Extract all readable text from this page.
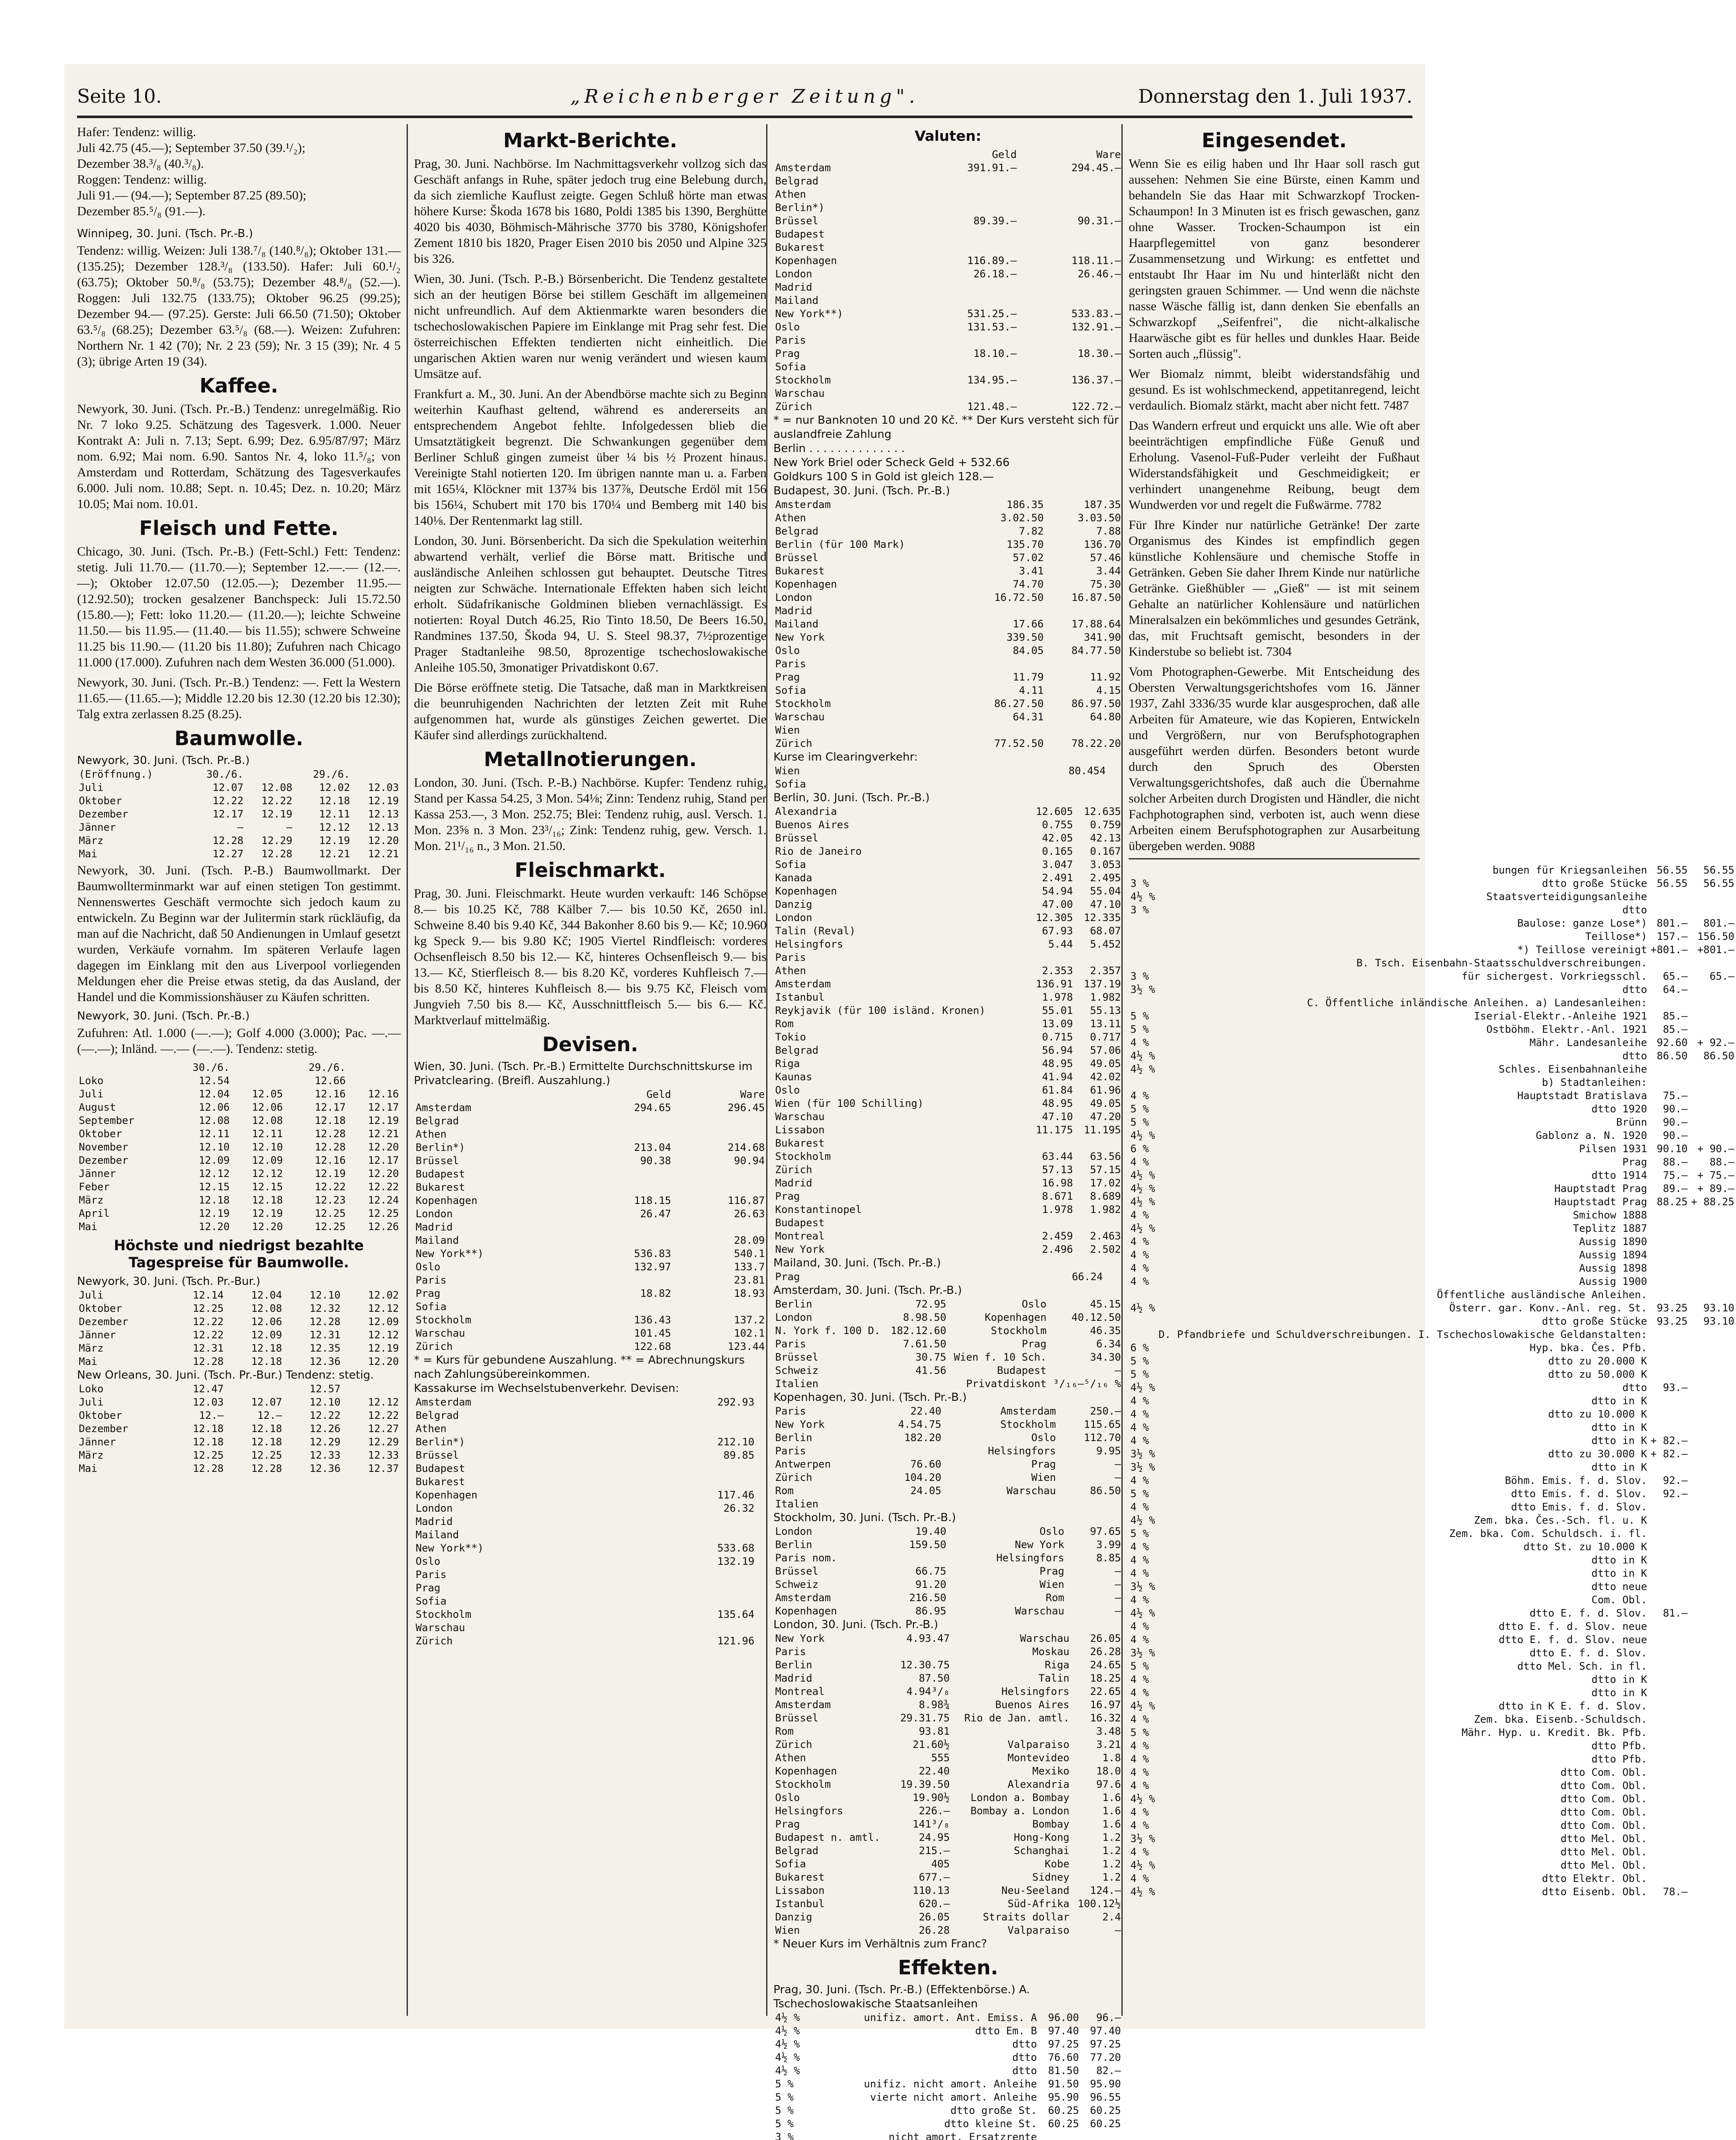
Seite 10.	„Reichenberger Zeitung".	Donnerstag den 1. Juli 1937.
Hafer: Tendenz: willig.
Juli 42.75 (45.—); September 37.50 (39.¹/₂);
Dezember 38.³/₈ (40.³/₈).
Roggen: Tendenz: willig.
Juli 91.— (94.—); September 87.25 (89.50);
Dezember 85.⁵/₈ (91.—).
Winnipeg, 30. Juni. (Tsch. Pr.-B.)

Tendenz: willig. Weizen: Juli 138.⁷/₈ (140.⁸/₈); Oktober 131.— (135.25); Dezember 128.³/₈ (133.50). Hafer: Juli 60.¹/₂ (63.75); Oktober 50.⁸/₈ (53.75); Dezember 48.⁸/₈ (52.—). Roggen: Juli 132.75 (133.75); Oktober 96.25 (99.25); Dezember 94.— (97.25). Gerste: Juli 66.50 (71.50); Oktober 63.⁵/₈ (68.25); Dezember 63.⁵/₈ (68.—). Weizen: Zufuhren: Northern Nr. 1 42 (70); Nr. 2 23 (59); Nr. 3 15 (39); Nr. 4 5 (3); übrige Arten 19 (34).

Kaffee.

Newyork, 30. Juni. (Tsch. Pr.-B.) Tendenz: unregelmäßig. Rio Nr. 7 loko 9.25. Schätzung des Tagesverk. 1.000. Neuer Kontrakt A: Juli n. 7.13; Sept. 6.99; Dez. 6.95/87/97; März nom. 6.92; Mai nom. 6.90. Santos Nr. 4, loko 11.⁵/₈; von Amsterdam und Rotterdam, Schätzung des Tagesverkaufes 6.000. Juli nom. 10.88; Sept. n. 10.45; Dez. n. 10.20; März 10.05; Mai nom. 10.01.

Fleisch und Fette.

Chicago, 30. Juni. (Tsch. Pr.-B.) (Fett-Schl.) Fett: Tendenz: stetig. Juli 11.70.— (11.70.—); September 12.—.— (12.—.—); Oktober 12.07.50 (12.05.—); Dezember 11.95.— (12.92.50); trocken gesalzener Banchspeck: Juli 15.72.50 (15.80.—); Fett: loko 11.20.— (11.20.—); leichte Schweine 11.50.— bis 11.95.— (11.40.— bis 11.55); schwere Schweine 11.25 bis 11.90.— (11.20 bis 11.80); Zufuhren nach Chicago 11.000 (17.000). Zufuhren nach dem Westen 36.000 (51.000).

Newyork, 30. Juni. (Tsch. Pr.-B.) Tendenz: —. Fett la Western 11.65.— (11.65.—); Middle 12.20 bis 12.30 (12.20 bis 12.30); Talg extra zerlassen 8.25 (8.25).

Baumwolle.
Newyork, 30. Juni. (Tsch. Pr.-B.)
(Eröffnung.)	30./6.		29./6.	
Juli	12.07	12.08	12.02	12.03
Oktober	12.22	12.22	12.18	12.19
Dezember	12.17	12.19	12.11	12.13
Jänner	—	—	12.12	12.13
März	12.28	12.29	12.19	12.20
Mai	12.27	12.28	12.21	12.21

Newyork, 30. Juni. (Tsch. P.-B.) Baumwollmarkt. Der Baumwollterminmarkt war auf einen stetigen Ton gestimmt. Nennenswertes Geschäft vermochte sich jedoch kaum zu entwickeln. Zu Beginn war der Julitermin stark rückläufig, da man auf die Nachricht, daß 50 Andienungen in Umlauf gesetzt wurden, Verkäufe vornahm. Im späteren Verlaufe lagen dagegen im Einklang mit den aus Liverpool vorliegenden Meldungen eher die Preise etwas stetig, da das Ausland, der Handel und die Kommissionshäuser zu Käufen schritten.

Newyork, 30. Juni. (Tsch. Pr.-B.)

Zufuhren: Atl. 1.000 (—.—); Golf 4.000 (3.000); Pac. —.— (—.—); Inländ. —.— (—.—). Tendenz: stetig.

	30./6.		29./6.	
Loko	12.54		12.66	
Juli	12.04	12.05	12.16	12.16
August	12.06	12.06	12.17	12.17
September	12.08	12.08	12.18	12.19
Oktober	12.11	12.11	12.28	12.21
November	12.10	12.10	12.28	12.20
Dezember	12.09	12.09	12.16	12.17
Jänner	12.12	12.12	12.19	12.20
Feber	12.15	12.15	12.22	12.22
März	12.18	12.18	12.23	12.24
April	12.19	12.19	12.25	12.25
Mai	12.20	12.20	12.25	12.26
Höchste und niedrigst bezahlte Tagespreise für Baumwolle.
Newyork, 30. Juni. (Tsch. Pr.-Bur.)
Juli	12.14	12.04	12.10	12.02
Oktober	12.25	12.08	12.32	12.12
Dezember	12.22	12.06	12.28	12.09
Jänner	12.22	12.09	12.31	12.12
März	12.31	12.18	12.35	12.19
Mai	12.28	12.18	12.36	12.20
New Orleans, 30. Juni. (Tsch. Pr.-Bur.) Tendenz: stetig.
Loko	12.47		12.57	
Juli	12.03	12.07	12.10	12.12
Oktober	12.—	12.—	12.22	12.22
Dezember	12.18	12.18	12.26	12.27
Jänner	12.18	12.18	12.29	12.29
März	12.25	12.25	12.33	12.33
Mai	12.28	12.28	12.36	12.37
Markt-Berichte.

Prag, 30. Juni. Nachbörse. Im Nachmittagsverkehr vollzog sich das Geschäft anfangs in Ruhe, später jedoch trug eine Belebung durch, da sich ziemliche Kauflust zeigte. Gegen Schluß hörte man etwas höhere Kurse: Škoda 1678 bis 1680, Poldi 1385 bis 1390, Berghütte 4020 bis 4030, Böhmisch-Mährische 3770 bis 3780, Königshofer Zement 1810 bis 1820, Prager Eisen 2010 bis 2050 und Alpine 325 bis 326.

Wien, 30. Juni. (Tsch. P.-B.) Börsenbericht. Die Tendenz gestaltete sich an der heutigen Börse bei stillem Geschäft im allgemeinen nicht unfreundlich. Auf dem Aktienmarkte waren besonders die tschechoslowakischen Papiere im Einklange mit Prag sehr fest. Die österreichischen Effekten tendierten nicht einheitlich. Die ungarischen Aktien waren nur wenig verändert und wiesen kaum Umsätze auf.

Frankfurt a. M., 30. Juni. An der Abendbörse machte sich zu Beginn weiterhin Kaufhast geltend, während es andererseits an entsprechendem Angebot fehlte. Infolgedessen blieb die Umsatztätigkeit begrenzt. Die Schwankungen gegenüber dem Berliner Schluß gingen zumeist über ¼ bis ½ Prozent hinaus. Vereinigte Stahl notierten 120. Im übrigen nannte man u. a. Farben mit 165¼, Klöckner mit 137¾ bis 137⅞, Deutsche Erdöl mit 156 bis 156¼, Schubert mit 170 bis 170¼ und Bemberg mit 140 bis 140⅛. Der Rentenmarkt lag still.

London, 30. Juni. Börsenbericht. Da sich die Spekulation weiterhin abwartend verhält, verlief die Börse matt. Britische und ausländische Anleihen schlossen gut behauptet. Deutsche Titres neigten zur Schwäche. Internationale Effekten haben sich leicht erholt. Südafrikanische Goldminen blieben vernachlässigt. Es notierten: Royal Dutch 46.25, Rio Tinto 18.50, De Beers 16.50, Randmines 137.50, Škoda 94, U. S. Steel 98.37, 7½prozentige Prager Stadtanleihe 98.50, 8prozentige tschechoslowakische Anleihe 105.50, 3monatiger Privatdiskont 0.67.

Die Börse eröffnete stetig. Die Tatsache, daß man in Marktkreisen die beunruhigenden Nachrichten der letzten Zeit mit Ruhe aufgenommen hat, wurde als günstiges Zeichen gewertet. Die Käufer sind allerdings zurückhaltend.

Metallnotierungen.

London, 30. Juni. (Tsch. P.-B.) Nachbörse. Kupfer: Tendenz ruhig, Stand per Kassa 54.25, 3 Mon. 54⅛; Zinn: Tendenz ruhig, Stand per Kassa 253.—, 3 Mon. 252.75; Blei: Tendenz ruhig, ausl. Versch. 1. Mon. 23⅝ n. 3 Mon. 23³/₁₆; Zink: Tendenz ruhig, gew. Versch. 1. Mon. 21¹/₁₆ n., 3 Mon. 21.50.

Fleischmarkt.

Prag, 30. Juni. Fleischmarkt. Heute wurden verkauft: 146 Schöpse 8.— bis 10.25 Kč, 788 Kälber 7.— bis 10.50 Kč, 2650 inl. Schweine 8.40 bis 9.40 Kč, 344 Bakonher 8.60 bis 9.— Kč; 10.960 kg Speck 9.— bis 9.80 Kč; 1905 Viertel Rindfleisch: vorderes Ochsenfleisch 8.50 bis 12.— Kč, hinteres Ochsenfleisch 9.— bis 13.— Kč, Stierfleisch 8.— bis 8.20 Kč, vorderes Kuhfleisch 7.— bis 8.50 Kč, hinteres Kuhfleisch 8.— bis 9.75 Kč, Fleisch vom Jungvieh 7.50 bis 8.— Kč, Ausschnittfleisch 5.— bis 6.— Kč. Marktverlauf mittelmäßig.

Devisen.
Wien, 30. Juni. (Tsch. Pr.-B.) Ermittelte Durchschnittskurse im Privatclearing. (Breifl. Auszahlung.)
	Geld	Ware
Amsterdam	294.65	296.45
Belgrad		
Athen		
Berlin*)	213.04	214.68
Brüssel	90.38	90.94
Budapest		
Bukarest		
Kopenhagen	118.15	116.87
London	26.47	26.63
Madrid		
Mailand		28.09
New York**)	536.83	540.1
Oslo	132.97	133.7
Paris		23.81
Prag	18.82	18.93
Sofia		
Stockholm	136.43	137.2
Warschau	101.45	102.1
Zürich	122.68	123.44
* = Kurs für gebundene Auszahlung. ** = Abrechnungskurs nach Zahlungsübereinkommen.
Kassakurse im Wechselstubenverkehr. Devisen:
Amsterdam	292.93	
Belgrad		
Athen		
Berlin*)	212.10	
Brüssel	89.85	
Budapest		
Bukarest		
Kopenhagen	117.46	
London	26.32	
Madrid		
Mailand		
New York**)	533.68	
Oslo	132.19	
Paris		
Prag		
Sofia		
Stockholm	135.64	
Warschau		
Zürich	121.96	
Valuten:
	Geld	Ware
Amsterdam	391.91.—	294.45.—
Belgrad		
Athen		
Berlin*)		
Brüssel	89.39.—	90.31.—
Budapest		
Bukarest		
Kopenhagen	116.89.—	118.11.—
London	26.18.—	26.46.—
Madrid		
Mailand		
New York**)	531.25.—	533.83.—
Oslo	131.53.—	132.91.—
Paris		
Prag	18.10.—	18.30.—
Sofia		
Stockholm	134.95.—	136.37.—
Warschau		
Zürich	121.48.—	122.72.—
* = nur Banknoten 10 und 20 Kč. ** Der Kurs versteht sich für auslandfreie Zahlung
Berlin . . . . . . . . . . . . . .
New York Briel oder Scheck Geld + 532.66
Goldkurs 100 S in Gold ist gleich 128.—
Budapest, 30. Juni. (Tsch. Pr.-B.)
Amsterdam	186.35	187.35
Athen	3.02.50	3.03.50
Belgrad	7.82	7.88
Berlin (für 100 Mark)	135.70	136.70
Brüssel	57.02	57.46
Bukarest	3.41	3.44
Kopenhagen	74.70	75.30
London	16.72.50	16.87.50
Madrid		
Mailand	17.66	17.88.64
New York	339.50	341.90
Oslo	84.05	84.77.50
Paris		
Prag	11.79	11.92
Sofia	4.11	4.15
Stockholm	86.27.50	86.97.50
Warschau	64.31	64.80
Wien		
Zürich	77.52.50	78.22.20
Kurse im Clearingverkehr:
Wien	80.454	
Sofia		
Berlin, 30. Juni. (Tsch. Pr.-B.)
Alexandria	12.605	12.635
Buenos Aires	0.755	0.759
Brüssel	42.05	42.13
Rio de Janeiro	0.165	0.167
Sofia	3.047	3.053
Kanada	2.491	2.495
Kopenhagen	54.94	55.04
Danzig	47.00	47.10
London	12.305	12.335
Talin (Reval)	67.93	68.07
Helsingfors	5.44	5.452
Paris		
Athen	2.353	2.357
Amsterdam	136.91	137.19
Istanbul	1.978	1.982
Reykjavik (für 100 isländ. Kronen)	55.01	55.13
Rom	13.09	13.11
Tokio	0.715	0.717
Belgrad	56.94	57.06
Riga	48.95	49.05
Kaunas	41.94	42.02
Oslo	61.84	61.96
Wien (für 100 Schilling)	48.95	49.05
Warschau	47.10	47.20
Lissabon	11.175	11.195
Bukarest		
Stockholm	63.44	63.56
Zürich	57.13	57.15
Madrid	16.98	17.02
Prag	8.671	8.689
Konstantinopel	1.978	1.982
Budapest		
Montreal	2.459	2.463
New York	2.496	2.502
Mailand, 30. Juni. (Tsch. Pr.-B.)
Prag	66.24	
Amsterdam, 30. Juni. (Tsch. Pr.-B.)
Berlin	72.95	Oslo	45.15
London	8.98.50	Kopenhagen	40.12.50
N. York f. 100 D.	182.12.60	Stockholm	46.35
Paris	7.61.50	Prag	6.34
Brüssel	30.75	Wien f. 10 Sch.	34.30
Schweiz	41.56	Budapest	—
Italien		Privatdiskont	³/₁₆—⁵/₁₆ %
Kopenhagen, 30. Juni. (Tsch. Pr.-B.)
Paris	22.40	Amsterdam	250.—
New York	4.54.75	Stockholm	115.65
Berlin	182.20	Oslo	112.70
Paris		Helsingfors	9.95
Antwerpen	76.60	Prag	—
Zürich	104.20	Wien	—
Rom	24.05	Warschau	86.50
Italien			
Stockholm, 30. Juni. (Tsch. Pr.-B.)
London	19.40	Oslo	97.65
Berlin	159.50	New York	3.99
Paris nom.		Helsingfors	8.85
Brüssel	66.75	Prag	—
Schweiz	91.20	Wien	—
Amsterdam	216.50	Rom	—
Kopenhagen	86.95	Warschau	—
London, 30. Juni. (Tsch. Pr.-B.)
New York	4.93.47	Warschau	26.05
Paris		Moskau	26.28
Berlin	12.30.75	Riga	24.65
Madrid	87.50	Talin	18.25
Montreal	4.94³/₈	Helsingfors	22.65
Amsterdam	8.98¾	Buenos Aires	16.97
Brüssel	29.31.75	Rio de Jan. amtl.	16.32
Rom	93.81		3.48
Zürich	21.60½	Valparaiso	3.21
Athen	555	Montevideo	1.8
Kopenhagen	22.40	Mexiko	18.0
Stockholm	19.39.50	Alexandria	97.6
Oslo	19.90½	London a. Bombay	1.6
Helsingfors	226.—	Bombay a. London	1.6
Prag	141³/₈	Bombay	1.6
Budapest n. amtl.	24.95	Hong-Kong	1.2
Belgrad	215.—	Schanghai	1.2
Sofia	405	Kobe	1.2
Bukarest	677.—	Sidney	1.2
Lissabon	110.13	Neu-Seeland	124.—
Istanbul	620.—	Süd-Afrika	100.12½
Danzig	26.05	Straits dollar	2.4
Wien	26.28	Valparaiso	—
* Neuer Kurs im Verhältnis zum Franc?
Effekten.
Prag, 30. Juni. (Tsch. Pr.-B.) (Effektenbörse.) A. Tschechoslowakische Staatsanleihen
4½ %	unifiz. amort. Ant. Emiss. A	96.00	96.—
4½ %	dtto Em. B	97.40	97.40
4½ %	dtto	97.25	97.25
4½ %	dtto	76.60	77.20
4½ %	dtto	81.50	82.—
5 %	unifiz. nicht amort. Anleihe	91.50	95.90
5 %	vierte nicht amort. Anleihe	95.90	96.55
5 %	dtto große St.	60.25	60.25
5 %	dtto kleine St.	60.25	60.25
3 %	nicht amort. Ersatzrente		

Eingesendet.

Wenn Sie es eilig haben und Ihr Haar soll rasch gut aussehen: Nehmen Sie eine Bürste, einen Kamm und behandeln Sie das Haar mit Schwarzkopf Trocken-Schaumpon! In 3 Minuten ist es frisch gewaschen, ganz ohne Wasser. Trocken-Schaumpon ist ein Haarpflegemittel von ganz besonderer Zusammensetzung und Wirkung: es entfettet und entstaubt Ihr Haar im Nu und hinterläßt nicht den geringsten grauen Schimmer. — Und wenn die nächste nasse Wäsche fällig ist, dann denken Sie ebenfalls an Schwarzkopf „Seifenfrei", die nicht-alkalische Haarwäsche gibt es für helles und dunkles Haar. Beide Sorten auch „flüssig".

Wer Biomalz nimmt, bleibt widerstandsfähig und gesund. Es ist wohlschmeckend, appetitanregend, leicht verdaulich. Biomalz stärkt, macht aber nicht fett. 7487

Das Wandern erfreut und erquickt uns alle. Wie oft aber beeinträchtigen empfindliche Füße Genuß und Erholung. Vasenol-Fuß-Puder verleiht der Fußhaut Widerstandsfähigkeit und Geschmeidigkeit; er verhindert unangenehme Reibung, beugt dem Wundwerden vor und regelt die Fußwärme. 7782

Für Ihre Kinder nur natürliche Getränke! Der zarte Organismus des Kindes ist empfindlich gegen künstliche Kohlensäure und chemische Stoffe in Getränken. Geben Sie daher Ihrem Kinde nur natürliche Getränke. Gießhübler — „Gieß" — ist mit seinem Gehalte an natürlicher Kohlensäure und natürlichen Mineralsalzen ein bekömmliches und gesundes Getränk, das, mit Fruchtsaft gemischt, besonders in der Kinderstube so beliebt ist. 7304

Vom Photographen-Gewerbe. Mit Entscheidung des Obersten Verwaltungsgerichtshofes vom 16. Jänner 1937, Zahl 3336/35 wurde klar ausgesprochen, daß alle Arbeiten für Amateure, wie das Kopieren, Entwickeln und Vergrößern, nur von Berufsphotographen ausgeführt werden dürfen. Besonders betont wurde durch den Spruch des Obersten Verwaltungsgerichtshofes, daß auch die Übernahme solcher Arbeiten durch Drogisten und Händler, die nicht Fachphotographen sind, verboten ist, auch wenn diese Arbeiten einem Berufsphotographen zur Ausarbeitung übergeben werden. 9088

	bungen für Kriegsanleihen	56.55	56.55
3 %	dtto große Stücke	56.55	56.55
4½ %	Staatsverteidigungsanleihe		
3 %	dtto		
	Baulose: ganze Lose*)	801.—	801.—
	Teillose*)	157.—	156.50
	*) Teillose vereinigt	+801.—	+801.—
	B. Tsch. Eisenbahn-Staatsschuldverschreibungen.		
3 %	für sichergest. Vorkriegsschl.	65.—	65.—
3½ %	dtto	64.—	
	C. Öffentliche inländische Anleihen. a) Landesanleihen:		
5 %	Iserial-Elektr.-Anleihe 1921	85.—	
5 %	Ostböhm. Elektr.-Anl. 1921	85.—	
4 %	Mähr. Landesanleihe	92.60	+ 92.—
4½ %	dtto	86.50	86.50
4½ %	Schles. Eisenbahnanleihe		
	b) Stadtanleihen:		
4 %	Hauptstadt Bratislava	75.—	
5 %	dtto 1920	90.—	
5 %	Brünn	90.—	
4½ %	Gablonz a. N. 1920	90.—	
6 %	Pilsen 1931	90.10	+ 90.—
4 %	Prag	88.—	88.—
4½ %	dtto 1914	75.—	+ 75.—
4½ %	Hauptstadt Prag	89.—	+ 89.—
4½ %	Hauptstadt Prag	88.25	+ 88.25
4 %	Smichow 1888		
4½ %	Teplitz 1887		
4 %	Aussig 1890		
4 %	Aussig 1894		
4 %	Aussig 1898		
4 %	Aussig 1900		
	Öffentliche ausländische Anleihen.		
4½ %	Österr. gar. Konv.-Anl. reg. St.	93.25	93.10
	dtto große Stücke	93.25	93.10
	D. Pfandbriefe und Schuldverschreibungen. I. Tschechoslowakische Geldanstalten:		
6 %	Hyp. bka. Čes. Pfb.		
5 %	dtto zu 20.000 K		
5 %	dtto zu 50.000 K		
4½ %	dtto	93.—	
4 %	dtto in K		
4 %	dtto zu 10.000 K		
4 %	dtto in K		
4 %	dtto in K	+ 82.—	
3½ %	dtto zu 30.000 K	+ 82.—	
3½ %	dtto in K		
4 %	Böhm. Emis. f. d. Slov.	92.—	
5 %	dtto Emis. f. d. Slov.	92.—	
4 %	dtto Emis. f. d. Slov.		
4½ %	Zem. bka. Čes.-Sch. fl. u. K		
5 %	Zem. bka. Com. Schuldsch. i. fl.		
4 %	dtto St. zu 10.000 K		
4 %	dtto in K		
4 %	dtto in K		
3½ %	dtto neue		
4 %	Com. Obl.		
4½ %	dtto E. f. d. Slov.	81.—	
4 %	dtto E. f. d. Slov. neue		
4 %	dtto E. f. d. Slov. neue		
3½ %	dtto E. f. d. Slov.		
5 %	dtto Mel. Sch. in fl.		
4 %	dtto in K		
4 %	dtto in K		
4½ %	dtto in K E. f. d. Slov.		
4 %	Zem. bka. Eisenb.-Schuldsch.		
5 %	Mähr. Hyp. u. Kredit. Bk. Pfb.		
4 %	dtto Pfb.		
4 %	dtto Pfb.		
4 %	dtto Com. Obl.		
4 %	dtto Com. Obl.		
4½ %	dtto Com. Obl.		
4 %	dtto Com. Obl.		
4 %	dtto Com. Obl.		
3½ %	dtto Mel. Obl.		
4 %	dtto Mel. Obl.		
4½ %	dtto Mel. Obl.		
4 %	dtto Elektr. Obl.		
4½ %	dtto Eisenb. Obl.	78.—	
